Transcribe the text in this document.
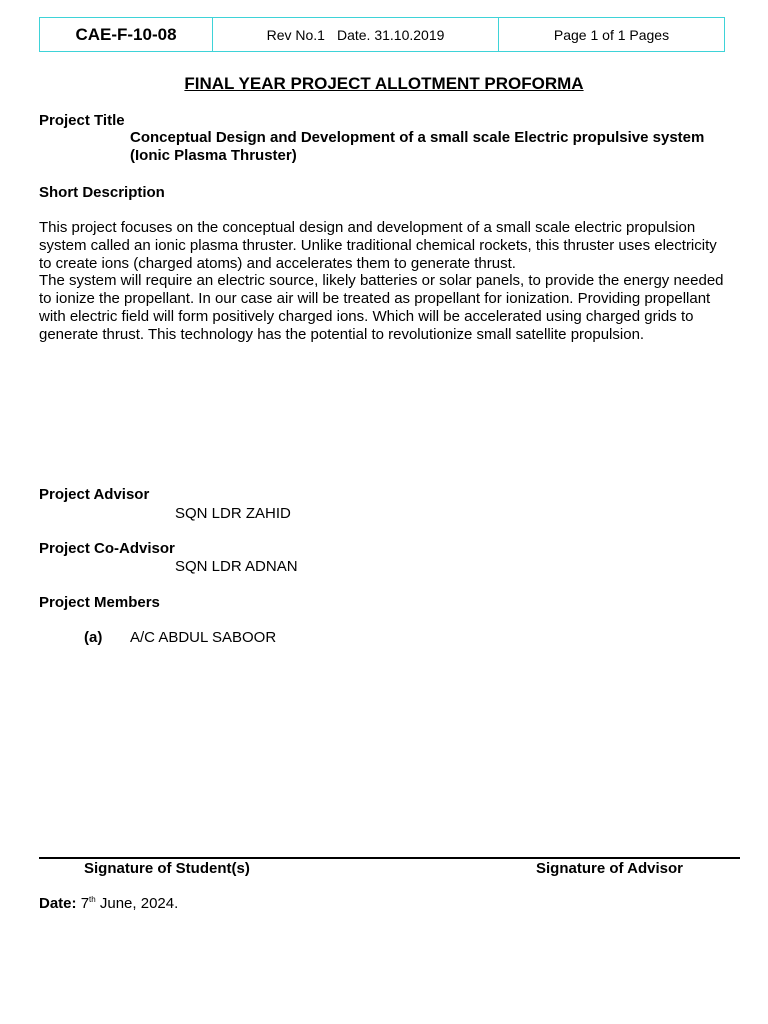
CAE-F-10-08	Rev No.1 Date. 31.10.2019	Page 1 of 1 Pages
FINAL YEAR PROJECT ALLOTMENT PROFORMA
Project Title
Conceptual Design and Development of a small scale Electric propulsive system
(Ionic Plasma Thruster)
Short Description

This project focuses on the conceptual design and development of a small scale electric propulsion system called an ionic plasma thruster. Unlike traditional chemical rockets, this thruster uses electricity to create ions (charged atoms) and accelerates them to generate thrust.

The system will require an electric source, likely batteries or solar panels, to provide the energy needed to ionize the propellant. In our case air will be treated as propellant for ionization. Providing propellant with electric field will form positively charged ions. Which will be accelerated using charged grids to generate thrust. This technology has the potential to revolutionize small satellite propulsion.

Project Advisor
SQN LDR ZAHID
Project Co-Advisor
SQN LDR ADNAN
Project Members
(a) A/C ABDUL SABOOR
Signature of Student(s)	Signature of Advisor
Date: 7th June, 2024.
